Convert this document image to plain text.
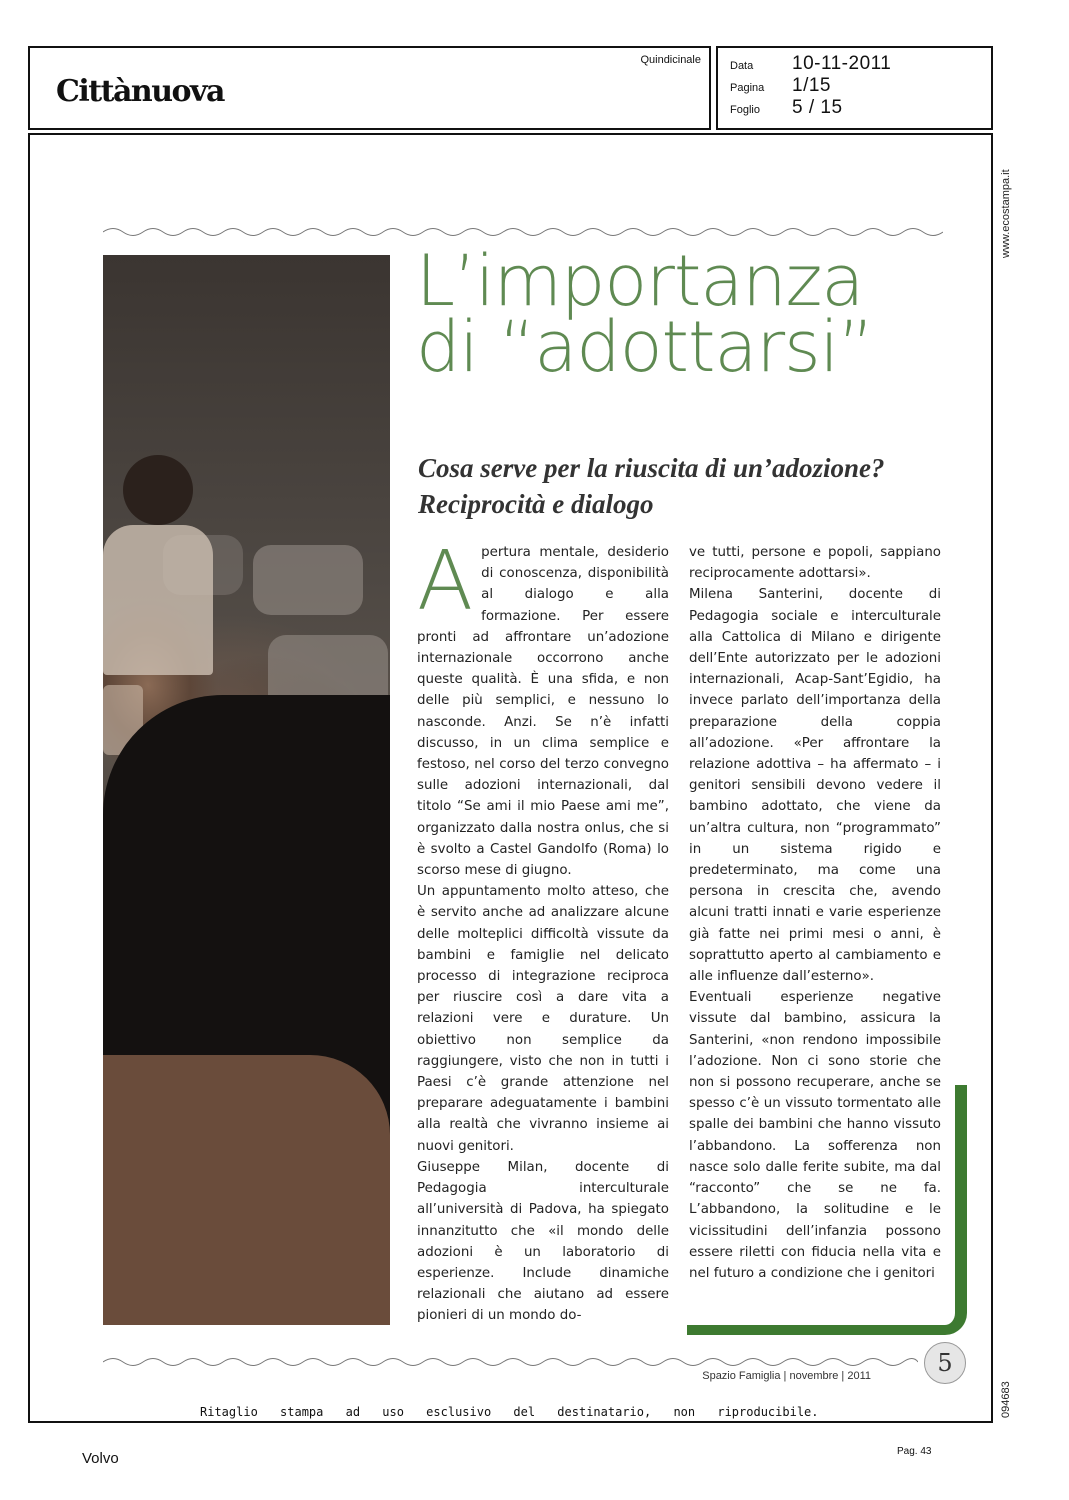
Cittànuova
Quindicinale	Data	10-11-2011
Pagina	1/15
Foglio	5 / 15
www.ecostampa.it
094683
L’importanza
di “adottarsi”
Cosa serve per la riuscita di un’adozione?
Reciprocità e dialogo
A pertura mentale, desiderio di conoscenza, disponibilità al dialogo e alla formazione. Per essere pronti ad affrontare un’adozione internazionale occorrono anche queste qualità. È una sfida, e non delle più semplici, e nessuno lo nasconde. Anzi. Se n’è infatti discusso, in un clima semplice e festoso, nel corso del terzo convegno sulle adozioni internazionali, dal titolo “Se ami il mio Paese ami me”, organizzato dalla nostra onlus, che si è svolto a Castel Gandolfo (Roma) lo scorso mese di giugno.

Un appuntamento molto atteso, che è servito anche ad analizzare alcune delle molteplici difficoltà vissute da bambini e famiglie nel delicato processo di integrazione reciproca per riuscire così a dare vita a relazioni vere e durature. Un obiettivo non semplice da raggiungere, visto che non in tutti i Paesi c’è grande attenzione nel preparare adeguatamente i bambini alla realtà che vivranno insieme ai nuovi genitori.

Giuseppe Milan, docente di Pedagogia interculturale all’università di Padova, ha spiegato innanzitutto che «il mondo delle adozioni è un laboratorio di esperienze. Include dinamiche relazionali che aiutano ad essere pionieri di un mondo do-

ve tutti, persone e popoli, sappiano reciprocamente adottarsi».

Milena Santerini, docente di Pedagogia sociale e interculturale alla Cattolica di Milano e dirigente dell’Ente autorizzato per le adozioni internazionali, Acap-Sant’Egidio, ha invece parlato dell’importanza della preparazione della coppia all’adozione. «Per affrontare la relazione adottiva – ha affermato – i genitori sensibili devono vedere il bambino adottato, che viene da un’altra cultura, non “programmato” in un sistema rigido e predeterminato, ma come una persona in crescita che, avendo alcuni tratti innati e varie esperienze già fatte nei primi mesi o anni, è soprattutto aperto al cambiamento e alle influenze dall’esterno».

Eventuali esperienze negative vissute dal bambino, assicura la Santerini, «non rendono impossibile l’adozione. Non ci sono storie che non si possono recuperare, anche se spesso c’è un vissuto tormentato alle spalle dei bambini che hanno vissuto l’abbandono. La sofferenza non nasce solo dalle ferite subite, ma dal “racconto” che se ne fa. L’abbandono, la solitudine e le vicissitudini dell’infanzia possono essere riletti con fiducia nella vita e nel futuro a condizione che i genitori

5
Spazio Famiglia | novembre | 2011
Ritaglio stampa ad uso esclusivo del destinatario, non riproducibile.
Volvo	Pag. 43
